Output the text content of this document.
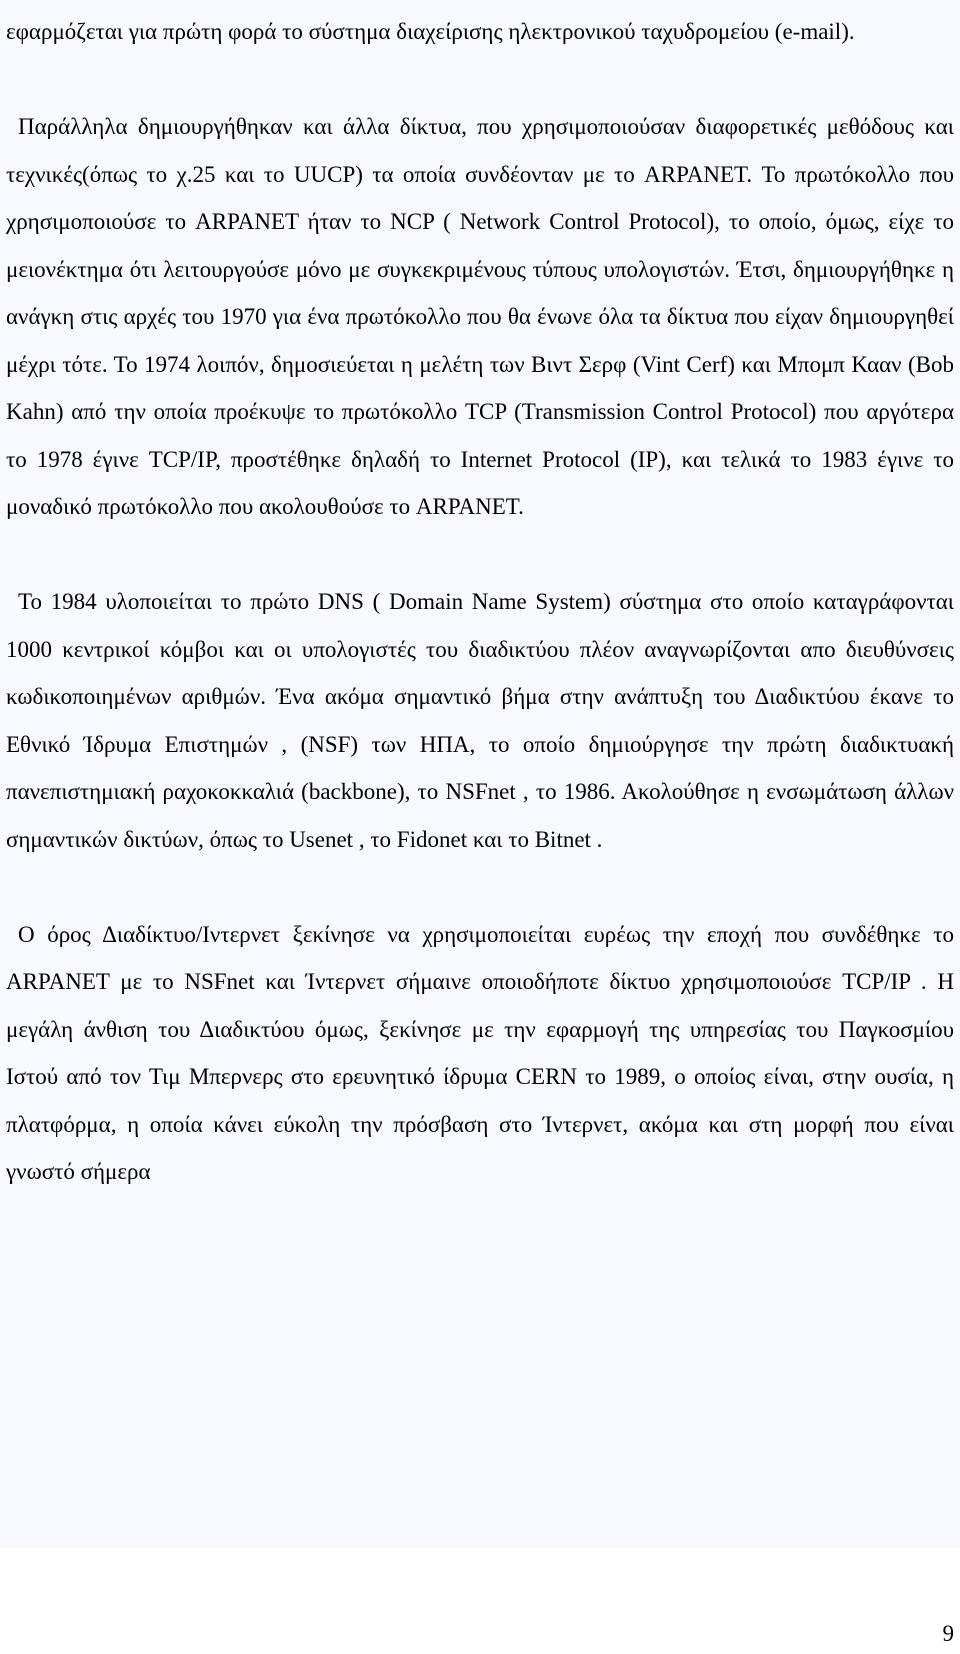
εφαρμόζεται για πρώτη φορά το σύστημα διαχείρισης ηλεκτρονικού ταχυδρομείου (e-mail).

Παράλληλα δημιουργήθηκαν και άλλα δίκτυα, που χρησιμοποιούσαν διαφορετικές μεθόδους και τεχνικές(όπως το χ.25 και το UUCP) τα οποία συνδέονταν με το ARPANET. Το πρωτόκολλο που χρησιμοποιούσε το ARPANET ήταν το NCP ( Network Control Protocol), το οποίο, όμως, είχε το μειονέκτημα ότι λειτουργούσε μόνο με συγκεκριμένους τύπους υπολογιστών. Έτσι, δημιουργήθηκε η ανάγκη στις αρχές του 1970 για ένα πρωτόκολλο που θα ένωνε όλα τα δίκτυα που είχαν δημιουργηθεί μέχρι τότε. Το 1974 λοιπόν, δημοσιεύεται η μελέτη των Βιντ Σερφ (Vint Cerf) και Μπομπ Κααν (Bob Kahn) από την οποία προέκυψε το πρωτόκολλο TCP (Transmission Control Protocol) που αργότερα το 1978 έγινε TCP/IP, προστέθηκε δηλαδή το Internet Protocol (IP), και τελικά το 1983 έγινε το μοναδικό πρωτόκολλο που ακολουθούσε το ARPANET.

Το 1984 υλοποιείται το πρώτο DNS ( Domain Name System) σύστημα στο οποίο καταγράφονται 1000 κεντρικοί κόμβοι και οι υπολογιστές του διαδικτύου πλέον αναγνωρίζονται απο διευθύνσεις κωδικοποιημένων αριθμών. Ένα ακόμα σημαντικό βήμα στην ανάπτυξη του Διαδικτύου έκανε το Εθνικό Ίδρυμα Επιστημών , (NSF) των ΗΠΑ, το οποίο δημιούργησε την πρώτη διαδικτυακή πανεπιστημιακή ραχοκοκκαλιά (backbone), το NSFnet , το 1986. Ακολούθησε η ενσωμάτωση άλλων σημαντικών δικτύων, όπως το Usenet , το Fidonet και το Bitnet .

Ο όρος Διαδίκτυο/Ιντερνετ ξεκίνησε να χρησιμοποιείται ευρέως την εποχή που συνδέθηκε το ARPANET με το NSFnet και Ίντερνετ σήμαινε οποιοδήποτε δίκτυο χρησιμοποιούσε TCP/IP . Η μεγάλη άνθιση του Διαδικτύου όμως, ξεκίνησε με την εφαρμογή της υπηρεσίας του Παγκοσμίου Ιστού από τον Τιμ Μπερνερς στο ερευνητικό ίδρυμα CERN το 1989, ο οποίος είναι, στην ουσία, η πλατφόρμα, η οποία κάνει εύκολη την πρόσβαση στο Ίντερνετ, ακόμα και στη μορφή που είναι γνωστό σήμερα

9
